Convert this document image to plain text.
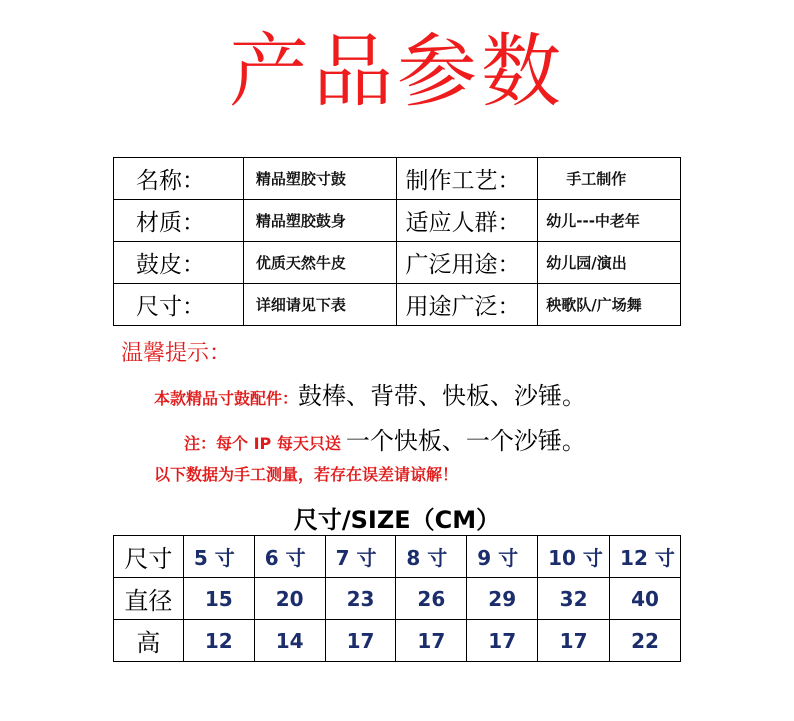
产品参数
名称：	精品塑胶寸鼓	制作工艺：	手工制作
材质：	精品塑胶鼓身	适应人群：	幼儿---中老年
鼓皮：	优质天然牛皮	广泛用途：	幼儿园/演出
尺寸：	详细请见下表	用途广泛：	秧歌队/广场舞
温馨提示：
本款精品寸鼓配件：鼓棒、背带、快板、沙锤。
注：每个 IP 每天只送 一个快板、一个沙锤。
以下数据为手工测量，若存在误差请谅解！
尺寸/SIZE（CM）
尺寸	5 寸	6 寸	7 寸	8 寸	9 寸	10 寸	12 寸
直径	15	20	23	26	29	32	40
高	12	14	17	17	17	17	22
